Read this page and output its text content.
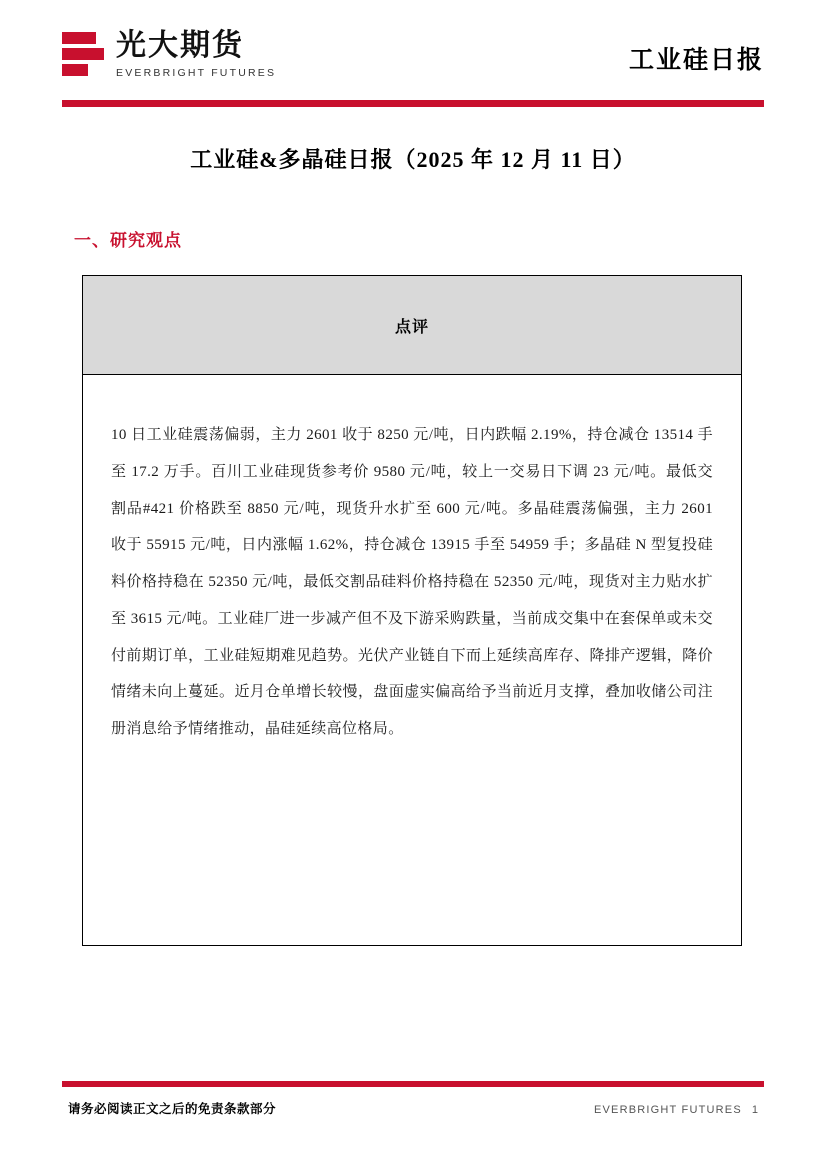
光大期货
EVERBRIGHT FUTURES	工业硅日报
工业硅&多晶硅日报（2025 年 12 月 11 日）
一、研究观点
点评
10 日工业硅震荡偏弱，主力 2601 收于 8250 元/吨，日内跌幅 2.19%，持仓减仓 13514 手至 17.2 万手。百川工业硅现货参考价 9580 元/吨，较上一交易日下调 23 元/吨。最低交割品#421 价格跌至 8850 元/吨，现货升水扩至 600 元/吨。多晶硅震荡偏强，主力 2601 收于 55915 元/吨，日内涨幅 1.62%，持仓减仓 13915 手至 54959 手；多晶硅 N 型复投硅料价格持稳在 52350 元/吨，最低交割品硅料价格持稳在 52350 元/吨，现货对主力贴水扩至 3615 元/吨。工业硅厂进一步减产但不及下游采购跌量，当前成交集中在套保单或未交付前期订单，工业硅短期难见趋势。光伏产业链自下而上延续高库存、降排产逻辑，降价情绪未向上蔓延。近月仓单增长较慢，盘面虚实偏高给予当前近月支撑，叠加收储公司注册消息给予情绪推动，晶硅延续高位格局。
请务必阅读正文之后的免责条款部分	EVERBRIGHT FUTURES 1
